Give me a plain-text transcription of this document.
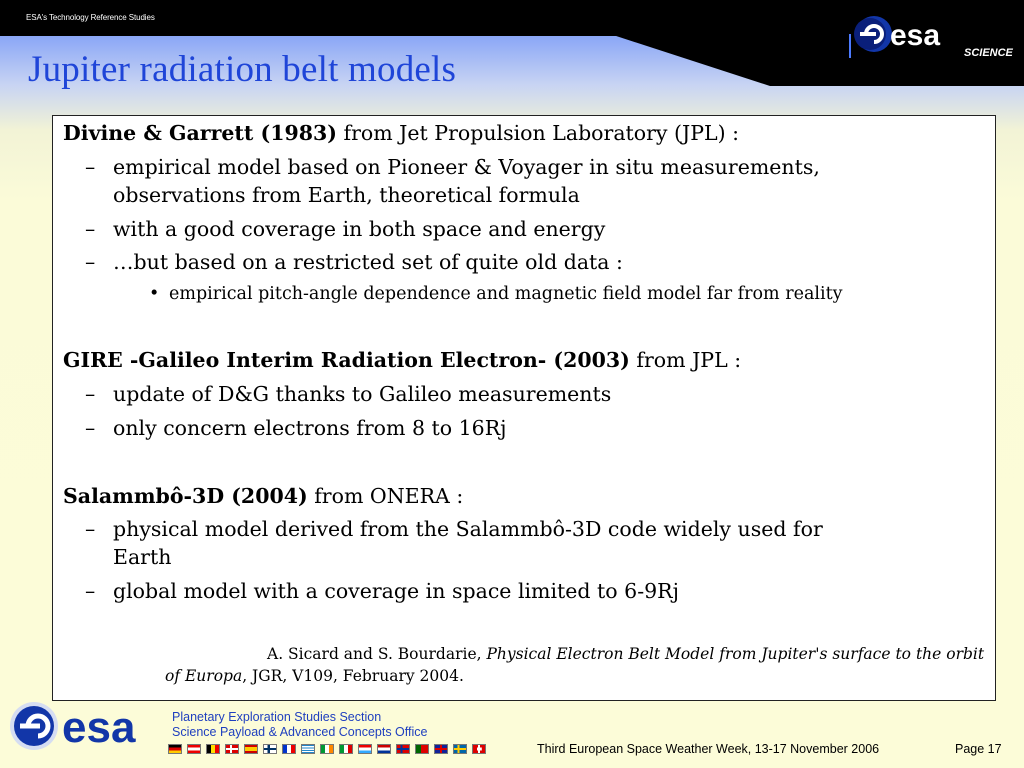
ESA's Technology Reference Studies
esa
SCIENCE
Jupiter radiation belt models
Divine & Garrett (1983) from Jet Propulsion Laboratory (JPL) :
– empirical model based on Pioneer & Voyager in situ measurements,
observations from Earth, theoretical formula
– with a good coverage in both space and energy
– …but based on a restricted set of quite old data :
• empirical pitch-angle dependence and magnetic field model far from reality
GIRE -Galileo Interim Radiation Electron- (2003) from JPL :
– update of D&G thanks to Galileo measurements
– only concern electrons from 8 to 16Rj
Salammbô-3D (2004) from ONERA :
– physical model derived from the Salammbô-3D code widely used for
Earth
– global model with a coverage in space limited to 6-9Rj
A. Sicard and S. Bourdarie, Physical Electron Belt Model from Jupiter's surface to the orbit of Europa, JGR, V109, February 2004.
esa	Planetary Exploration Studies Section
Science Payload & Advanced Concepts Office
Third European Space Weather Week, 13-17 November 2006	Page 17
